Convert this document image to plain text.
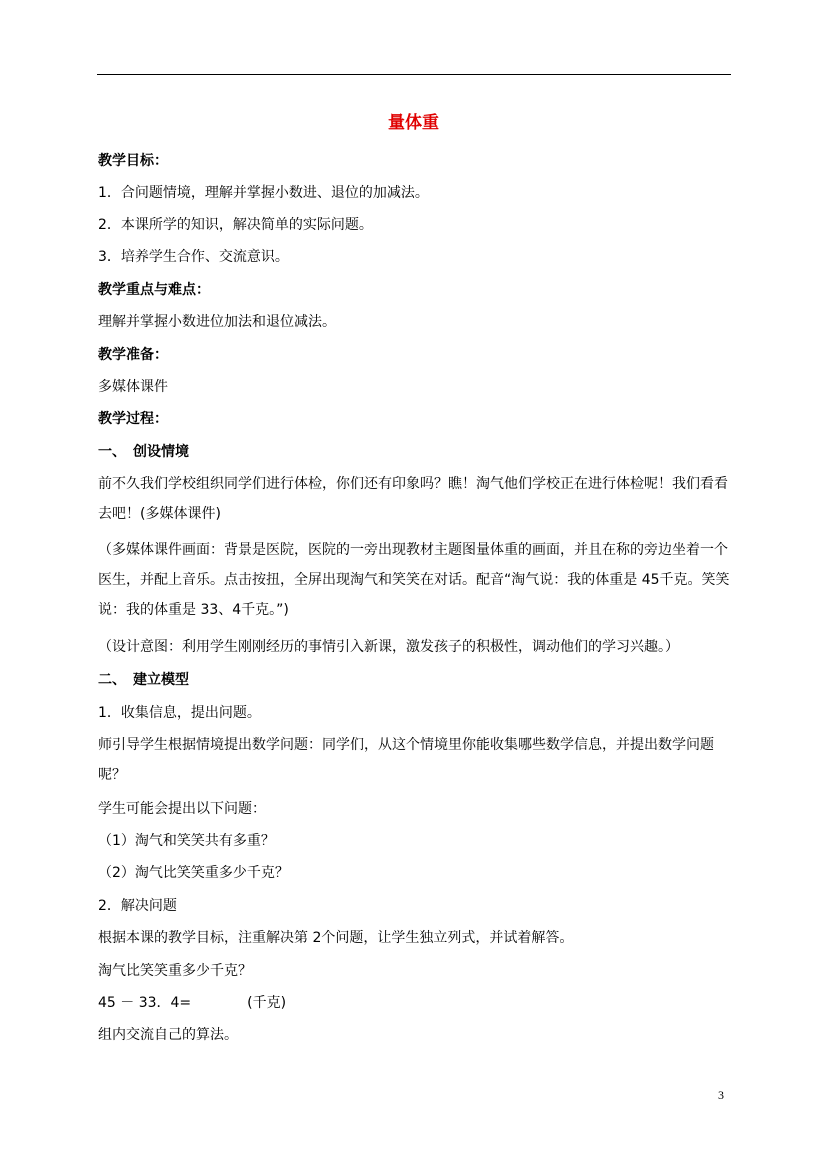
量体重
教学目标：
1．合问题情境，理解并掌握小数进、退位的加减法。
2．本课所学的知识，解决简单的实际问题。
3．培养学生合作、交流意识。
教学重点与难点：
理解并掌握小数进位加法和退位减法。
教学准备：
多媒体课件
教学过程：
一、　创设情境
前不久我们学校组织同学们进行体检，你们还有印象吗？瞧！淘气他们学校正在进行体检呢！我们看看去吧！(多媒体课件)
（多媒体课件画面：背景是医院，医院的一旁出现教材主题图量体重的画面，并且在称的旁边坐着一个医生，并配上音乐。点击按扭，全屏出现淘气和笑笑在对话。配音“淘气说：我的体重是 45千克。笑笑说：我的体重是 33、4千克。”)
（设计意图：利用学生刚刚经历的事情引入新课，激发孩子的积极性，调动他们的学习兴趣。）
二、　建立模型
1．收集信息，提出问题。
师引导学生根据情境提出数学问题：同学们，从这个情境里你能收集哪些数学信息，并提出数学问题呢？
学生可能会提出以下问题：
（1）淘气和笑笑共有多重？
（2）淘气比笑笑重多少千克？
2．解决问题
根据本课的教学目标，注重解决第 2个问题，让学生独立列式，并试着解答。
淘气比笑笑重多少千克？
45 － 33．4=　　　　(千克)
组内交流自己的算法。
3
